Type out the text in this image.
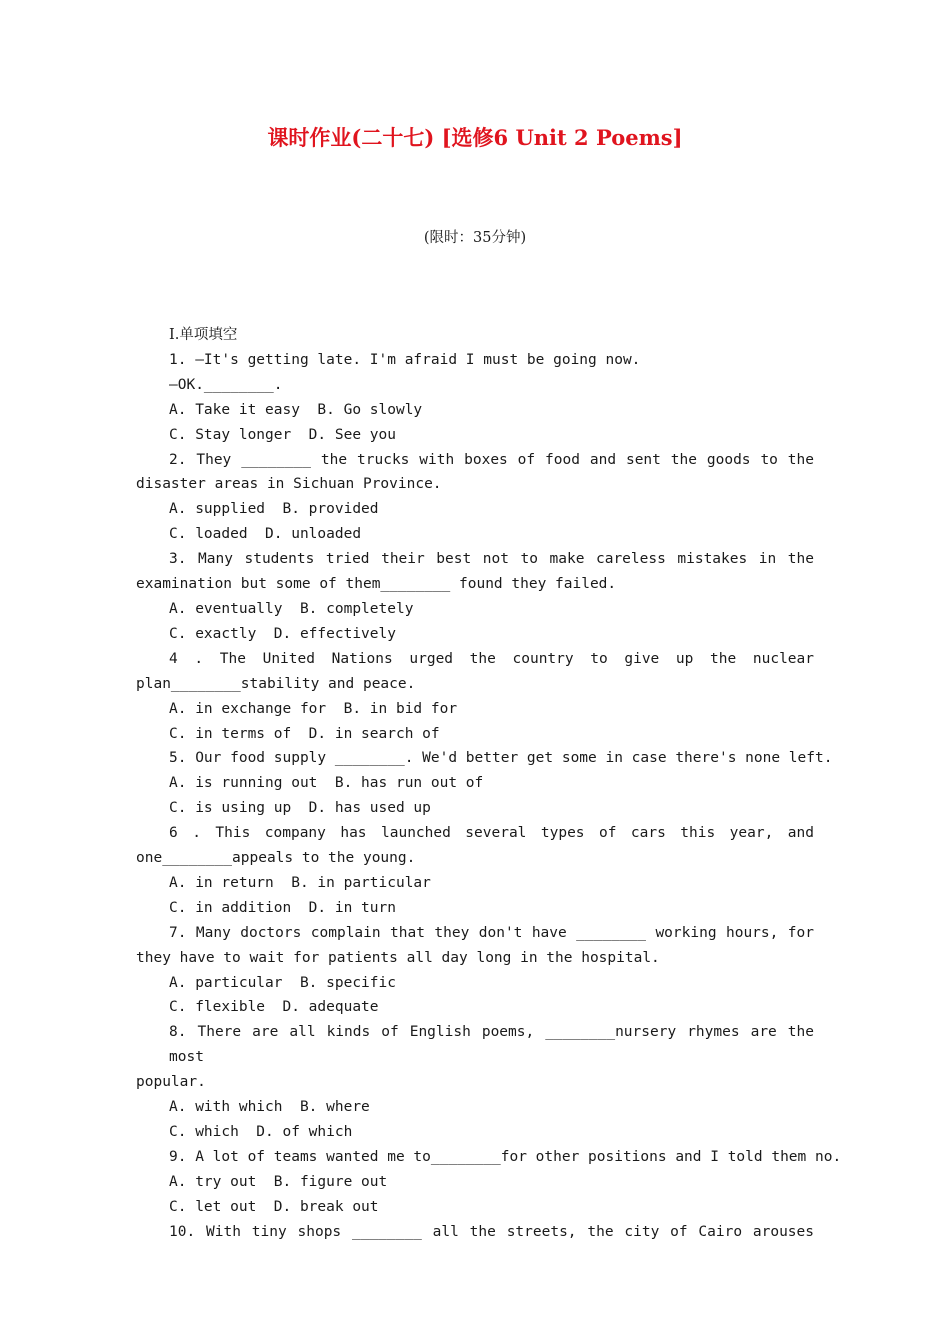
课时作业(二十七) [选修6 Unit 2 Poems]
(限时：35分钟)
Ⅰ.单项填空
1. —It's getting late. I'm afraid I must be going now.
—OK.________.
A. Take it easy  B. Go slowly
C. Stay longer  D. See you
2. They ________ the trucks with boxes of food and sent the goods to the
disaster areas in Sichuan Province.
A. supplied  B. provided
C. loaded  D. unloaded
3. Many students tried their best not to make careless mistakes in the
examination but some of them________ found they failed.
A. eventually  B. completely
C. exactly  D. effectively
4 . The United Nations urged the country to give up the nuclear
plan________stability and peace.
A. in exchange for  B. in bid for
C. in terms of  D. in search of
5. Our food supply ________. We'd better get some in case there's none left.
A. is running out  B. has run out of
C. is using up  D. has used up
6 . This company has launched several types of cars this year, and
one________appeals to the young.
A. in return  B. in particular
C. in addition  D. in turn
7. Many doctors complain that they don't have ________ working hours, for
they have to wait for patients all day long in the hospital.
A. particular  B. specific
C. flexible  D. adequate
8. There are all kinds of English poems, ________nursery rhymes are the most
popular.
A. with which  B. where
C. which  D. of which
9. A lot of teams wanted me to________for other positions and I told them no.
A. try out  B. figure out
C. let out  D. break out
10. With tiny shops ________ all the streets, the city of Cairo arouses
